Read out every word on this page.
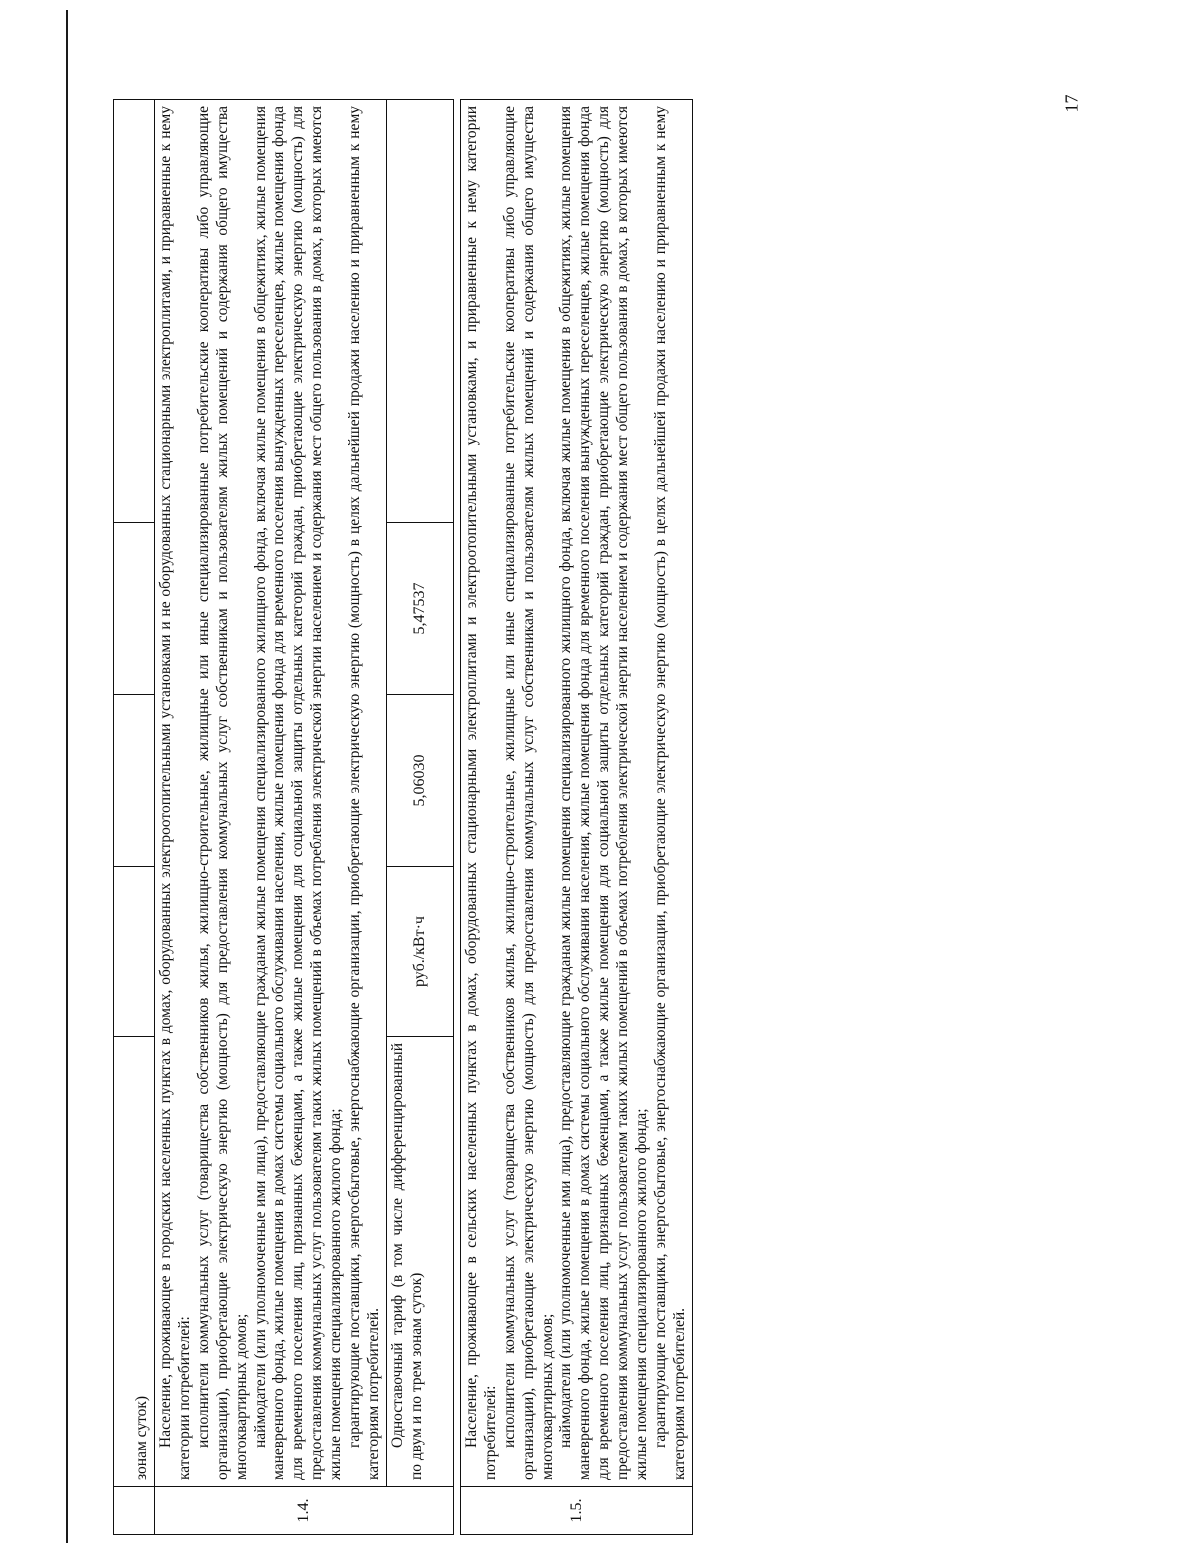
17
	зонам суток)				
1.4.	Население, проживающее в городских населенных пунктах в домах, оборудованных электроотопительными установками и не оборудованных стационарными электроплитами, и приравненные к нему категории потребителей: исполнители коммунальных услуг (товарищества собственников жилья, жилищно-строительные, жилищные или иные специализированные потребительские кооперативы либо управляющие организации), приобретающие электрическую энергию (мощность) для предоставления коммунальных услуг собственникам и пользователям жилых помещений и содержания общего имущества многоквартирных домов; наймодатели (или уполномоченные ими лица), предоставляющие гражданам жилые помещения специализированного жилищного фонда, включая жилые помещения в общежитиях, жилые помещения маневренного фонда, жилые помещения в домах системы социального обслуживания населения, жилые помещения фонда для временного поселения вынужденных переселенцев, жилые помещения фонда для временного поселения лиц, признанных беженцами, а также жилые помещения для социальной защиты отдельных категорий граждан, приобретающие электрическую энергию (мощность) для предоставления коммунальных услуг пользователям таких жилых помещений в объемах потребления электрической энергии населением и содержания мест общего пользования в домах, в которых имеются жилые помещения специализированного жилого фонда; гарантирующие поставщики, энергосбытовые, энергоснабжающие организации, приобретающие электрическую энергию (мощность) в целях дальнейшей продажи населению и приравненным к нему категориям потребителей.				

	Одноставочный тариф (в том числе дифференцированный по двум и по трем зонам суток)	руб./кВт·ч	5,06030	5,47537	

1.5.	Население, проживающее в сельских населенных пунктах в домах, оборудованных стационарными электроплитами и электроотопительными установками, и приравненные к нему категории потребителей: исполнители коммунальных услуг (товарищества собственников жилья, жилищно-строительные, жилищные или иные специализированные потребительские кооперативы либо управляющие организации), приобретающие электрическую энергию (мощность) для предоставления коммунальных услуг собственникам и пользователям жилых помещений и содержания общего имущества многоквартирных домов; наймодатели (или уполномоченные ими лица), предоставляющие гражданам жилые помещения специализированного жилищного фонда, включая жилые помещения в общежитиях, жилые помещения маневренного фонда, жилые помещения в домах системы социального обслуживания населения, жилые помещения фонда для временного поселения вынужденных переселенцев, жилые помещения фонда для временного поселения лиц, признанных беженцами, а также жилые помещения для социальной защиты отдельных категорий граждан, приобретающие электрическую энергию (мощность) для предоставления коммунальных услуг пользователям таких жилых помещений в объемах потребления электрической энергии населением и содержания мест общего пользования в домах, в которых имеются жилые помещения специализированного жилого фонда; гарантирующие поставщики, энергосбытовые, энергоснабжающие организации, приобретающие электрическую энергию (мощность) в целях дальнейшей продажи населению и приравненным к нему категориям потребителей.				
